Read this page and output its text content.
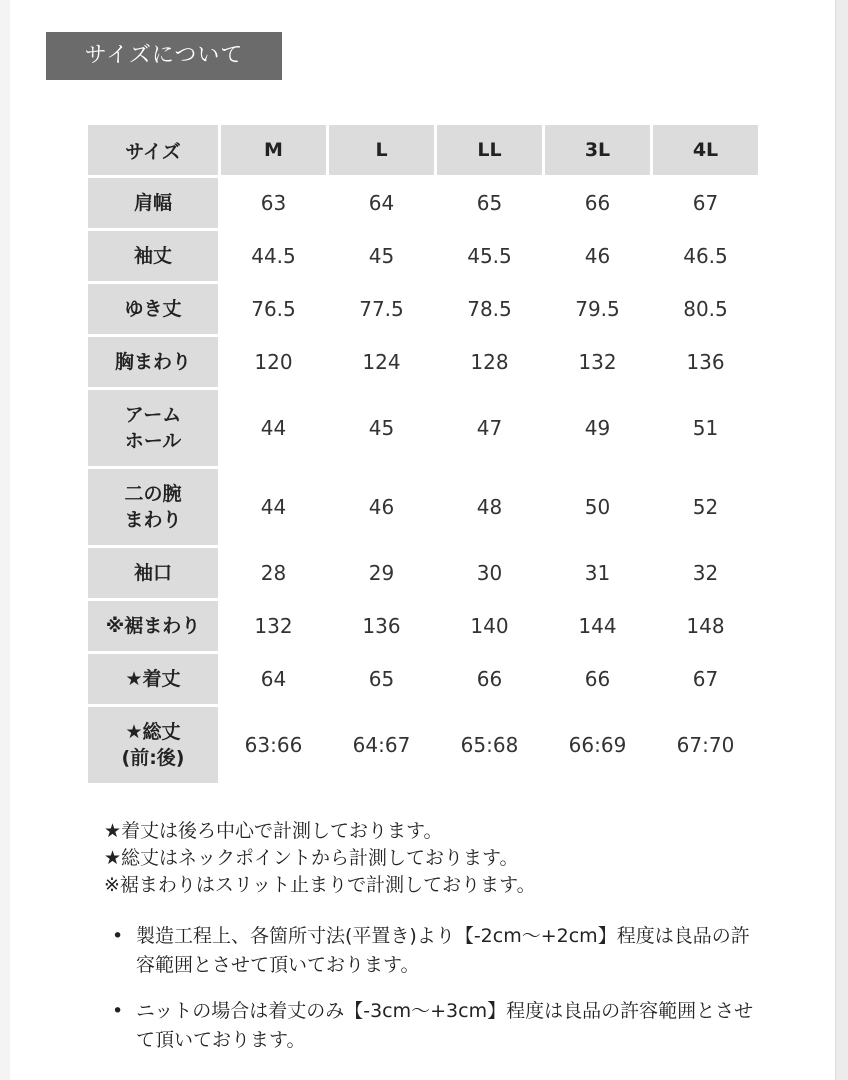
サイズについて
サイズ	M	L	LL	3L	4L
肩幅	63	64	65	66	67
袖丈	44.5	45	45.5	46	46.5
ゆき丈	76.5	77.5	78.5	79.5	80.5
胸まわり	120	124	128	132	136

アーム
ホール	44	45	47	49	51

二の腕
まわり	44	46	48	50	52
袖口	28	29	30	31	32
※裾まわり	132	136	140	144	148
★着丈	64	65	66	66	67

★総丈
(前:後)	63:66	64:67	65:68	66:69	67:70

★着丈は後ろ中心で計測しております。

★総丈はネックポイントから計測しております。

※裾まわりはスリット止まりで計測しております。

• 製造工程上、各箇所寸法(平置き)より【-2cm～+2cm】程度は良品の許容範囲とさせて頂いております。
• ニットの場合は着丈のみ【-3cm～+3cm】程度は良品の許容範囲とさせて頂いております。
